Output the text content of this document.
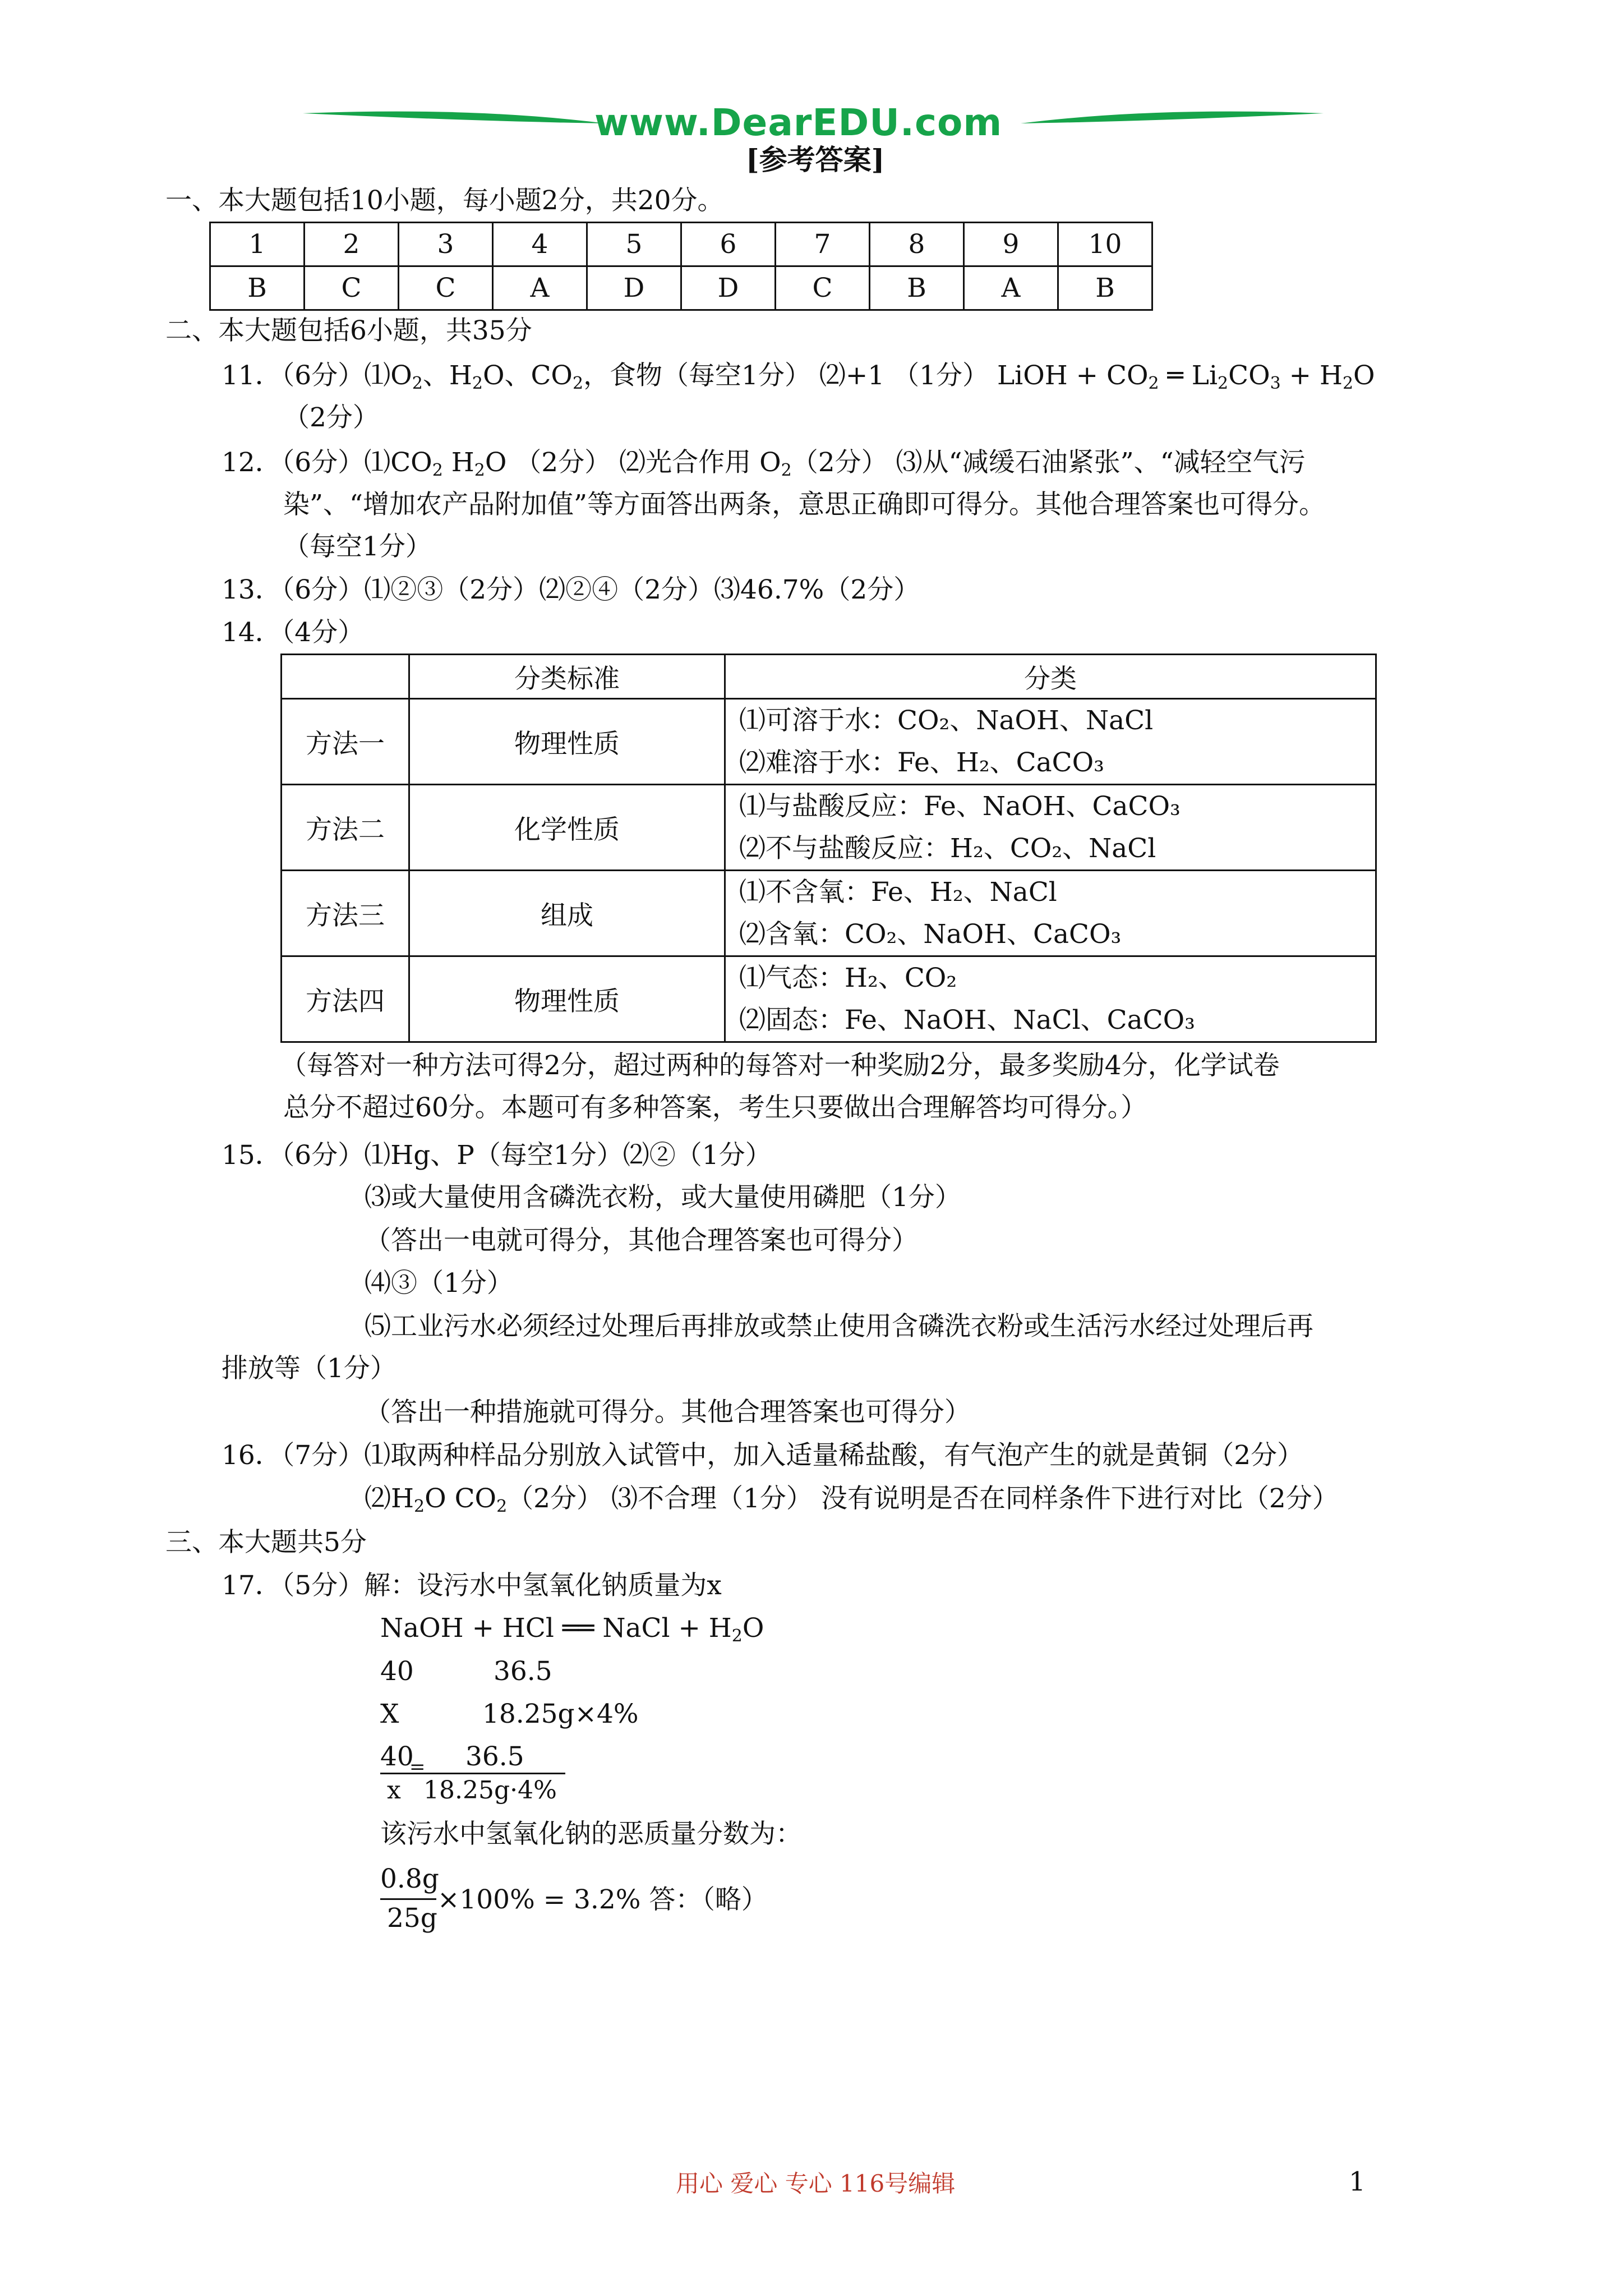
www.DearEDU.com
[参考答案]
一、本大题包括10小题，每小题2分，共20分。
1	2	3	4	5	6	7	8	9	10
B	C	C	A	D	D	C	B	A	B
二、本大题包括6小题，共35分
11．（6分）$⑴O_2$、$H_2O$、$CO_2$，食物（每空1分） ⑵+1 （1分） LiOH + $CO_2$ ═ $Li_2CO_3 + H_2O$
（2分）
12．（6分）$⑴CO_2$ $H_2O$ （2分） ⑵光合作用 $O_2(2$分） ⑶从“减缓石油紧张”、“减轻空气污
染”、“增加农产品附加值”等方面答出两条，意思正确即可得分。其他合理答案也可得分。
（每空1分）
13．（6分）⑴②③（2分）⑵②④（2分）⑶46.7%（2分）
14．（4分）
	分类标准	分类
方法一	物理性质	⑴可溶于水：CO₂、NaOH、NaCl
⑵难溶于水：Fe、H₂、CaCO₃

方法二	化学性质	⑴与盐酸反应：Fe、NaOH、CaCO₃
⑵不与盐酸反应：H₂、CO₂、NaCl

方法三	组成	⑴不含氧：Fe、H₂、NaCl
⑵含氧：CO₂、NaOH、CaCO₃

方法四	物理性质	⑴气态：H₂、CO₂
⑵固态：Fe、NaOH、NaCl、CaCO₃
（每答对一种方法可得2分，超过两种的每答对一种奖励2分，最多奖励4分，化学试卷
总分不超过60分。本题可有多种答案，考生只要做出合理解答均可得分。）
15．（6分）⑴Hg、P（每空1分）⑵②（1分）
⑶或大量使用含磷洗衣粉，或大量使用磷肥（1分）
（答出一电就可得分，其他合理答案也可得分）
⑷③（1分）
⑸工业污水必须经过处理后再排放或禁止使用含磷洗衣粉或生活污水经过处理后再
排放等（1分）
（答出一种措施就可得分。其他合理答案也可得分）
16．（7分）⑴取两种样品分别放入试管中，加入适量稀盐酸，有气泡产生的就是黄铜（2分）
$⑵H_2O$ $CO_2(2$分） ⑶不合理（1分） 没有说明是否在同样条件下进行对比（2分）
三、本大题共5分
17．（5分）解：设污水中氢氧化钠质量为x
NaOH + HCl ══ NaCl + $H_2O$
40	36.5
X	18.25g×4%
40
= 36.5
x 18.25g·4%
该污水中氢氧化钠的恶质量分数为：
0.8g
25g
×100% = 3.2% 答：（略）
用心 爱心 专心 116号编辑	1
